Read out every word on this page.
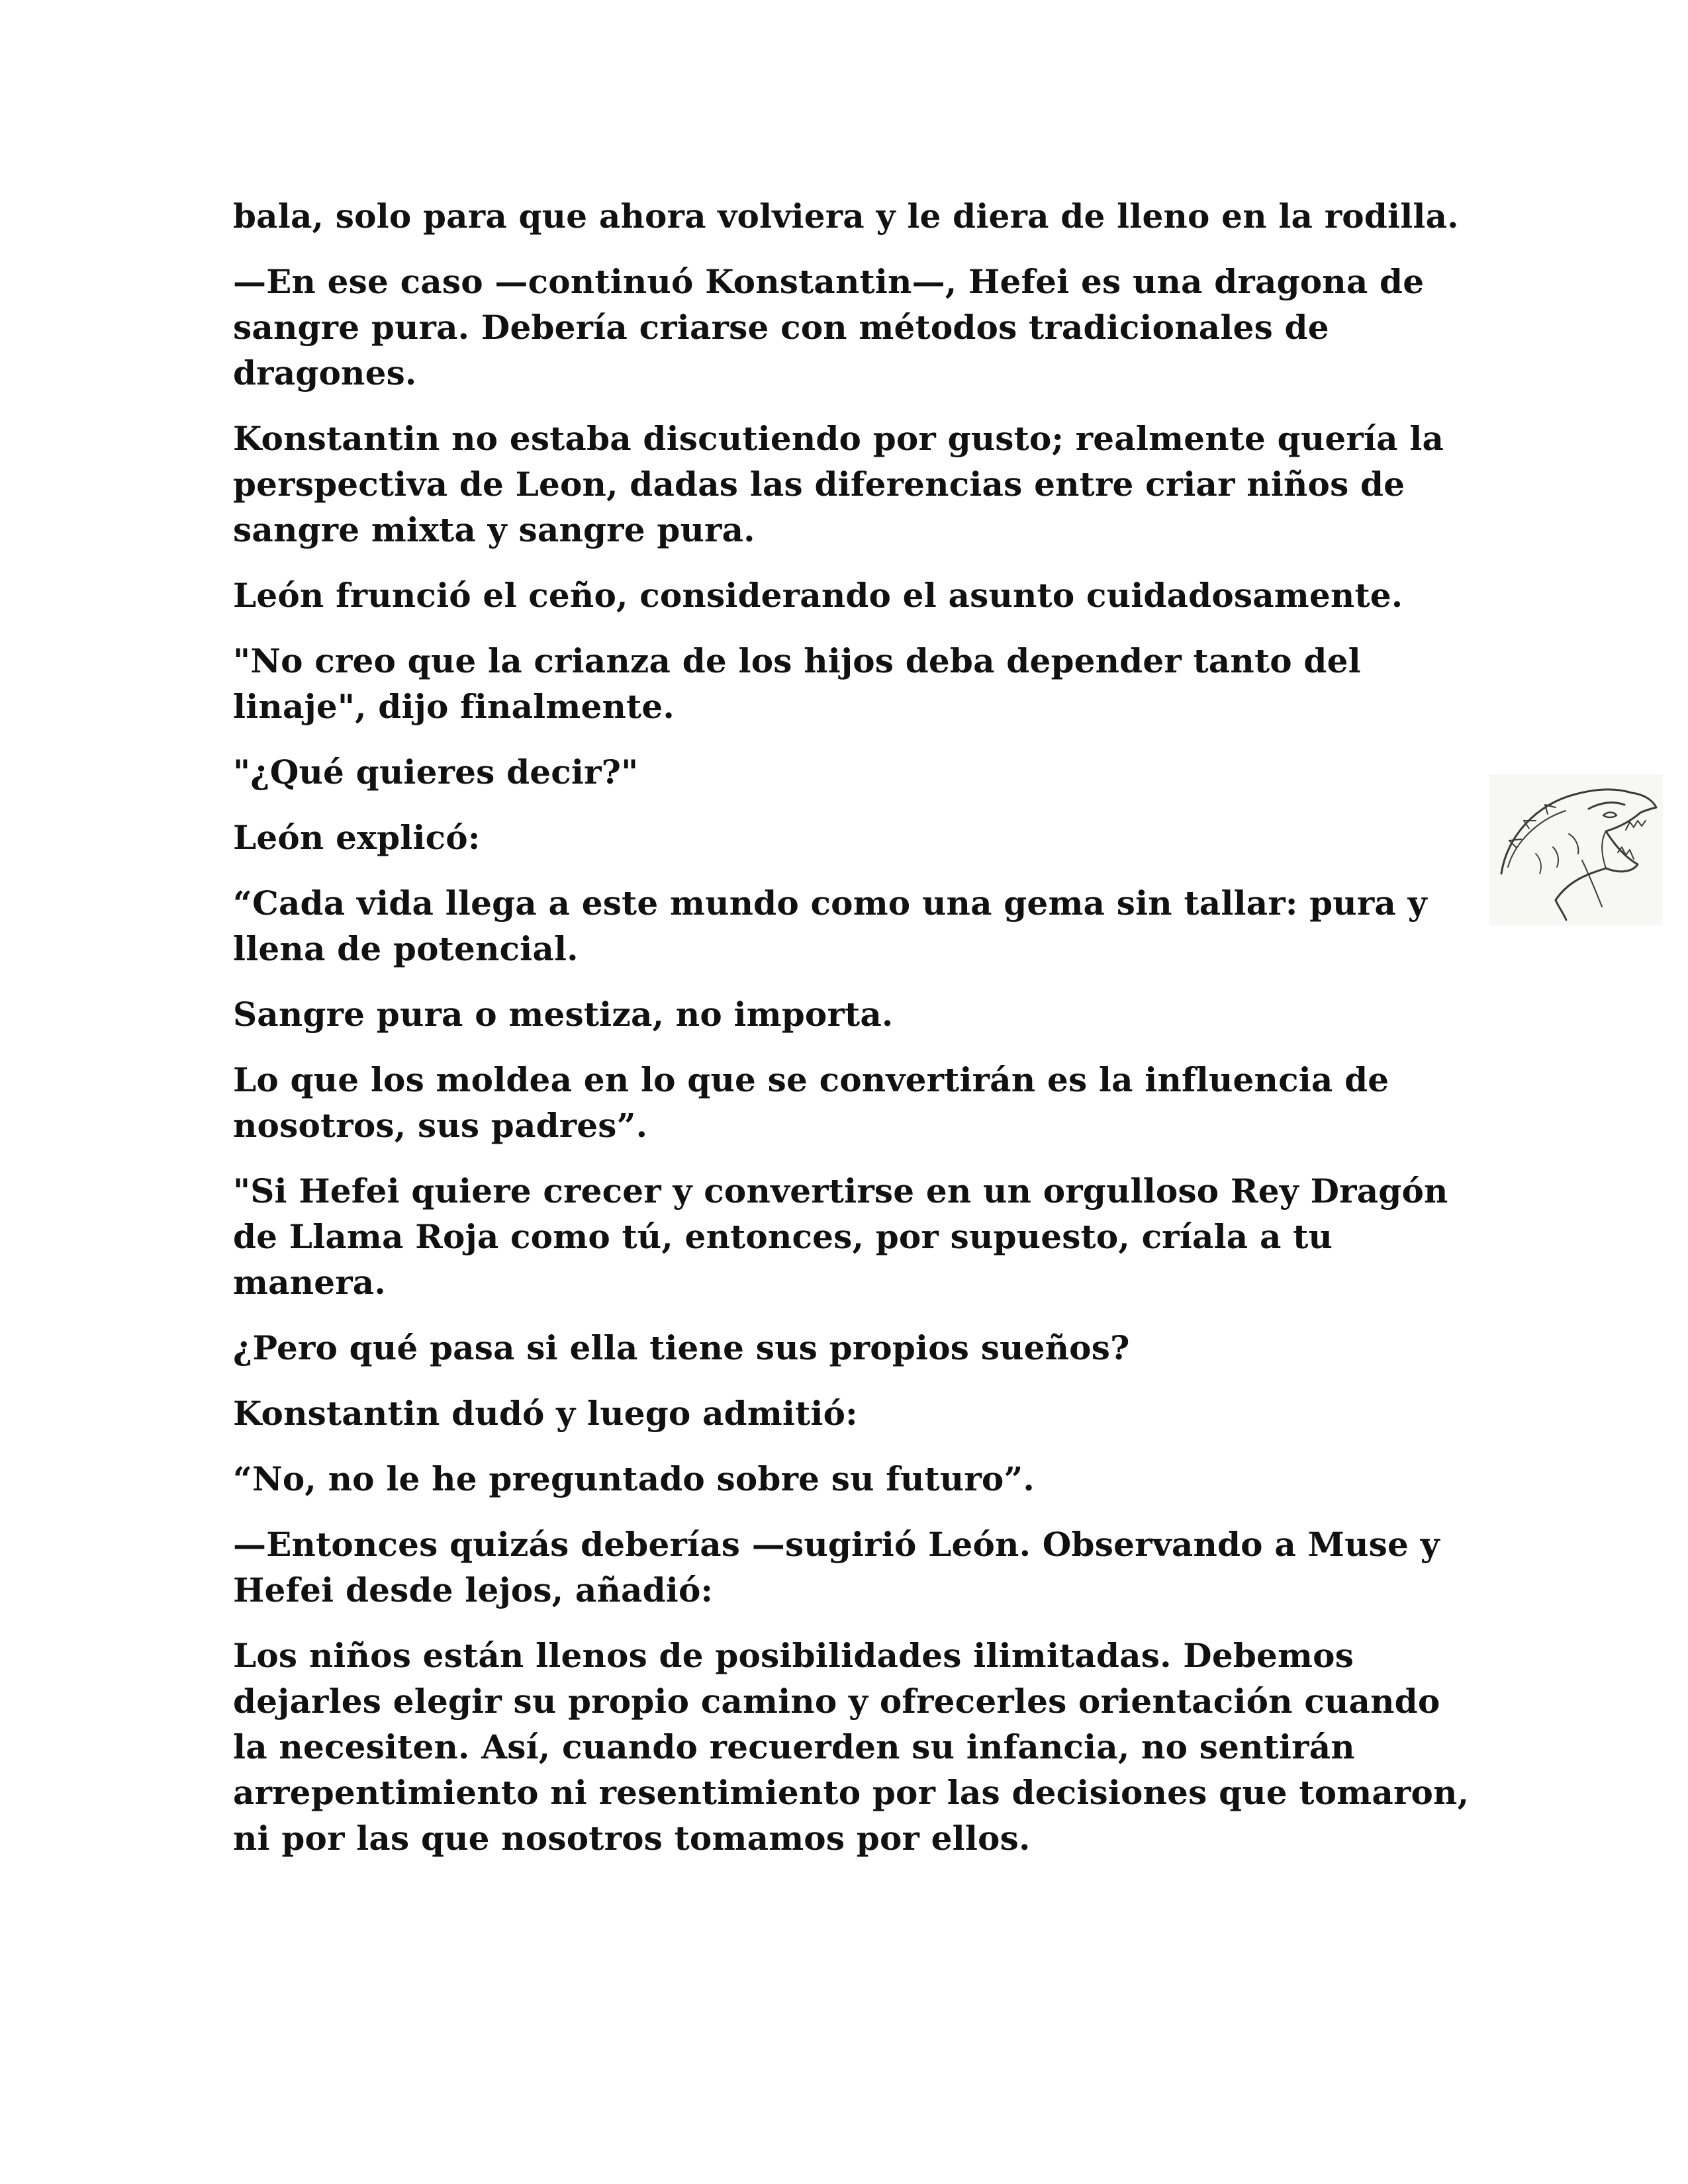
bala, solo para que ahora volviera y le diera de lleno en la rodilla.

—En ese caso —continuó Konstantin—, Hefei es una dragona de sangre pura. Debería criarse con métodos tradicionales de dragones.

Konstantin no estaba discutiendo por gusto; realmente quería la perspectiva de Leon, dadas las diferencias entre criar niños de sangre mixta y sangre pura.

León frunció el ceño, considerando el asunto cuidadosamente.

"No creo que la crianza de los hijos deba depender tanto del linaje", dijo finalmente.

"¿Qué quieres decir?"

León explicó:

“Cada vida llega a este mundo como una gema sin tallar: pura y llena de potencial.

Sangre pura o mestiza, no importa.

Lo que los moldea en lo que se convertirán es la influencia de nosotros, sus padres”.

"Si Hefei quiere crecer y convertirse en un orgulloso Rey Dragón de Llama Roja como tú, entonces, por supuesto, críala a tu manera.

¿Pero qué pasa si ella tiene sus propios sueños?

Konstantin dudó y luego admitió:

“No, no le he preguntado sobre su futuro”.

—Entonces quizás deberías —sugirió León. Observando a Muse y Hefei desde lejos, añadió:

Los niños están llenos de posibilidades ilimitadas. Debemos dejarles elegir su propio camino y ofrecerles orientación cuando la necesiten. Así, cuando recuerden su infancia, no sentirán arrepentimiento ni resentimiento por las decisiones que tomaron, ni por las que nosotros tomamos por ellos.
